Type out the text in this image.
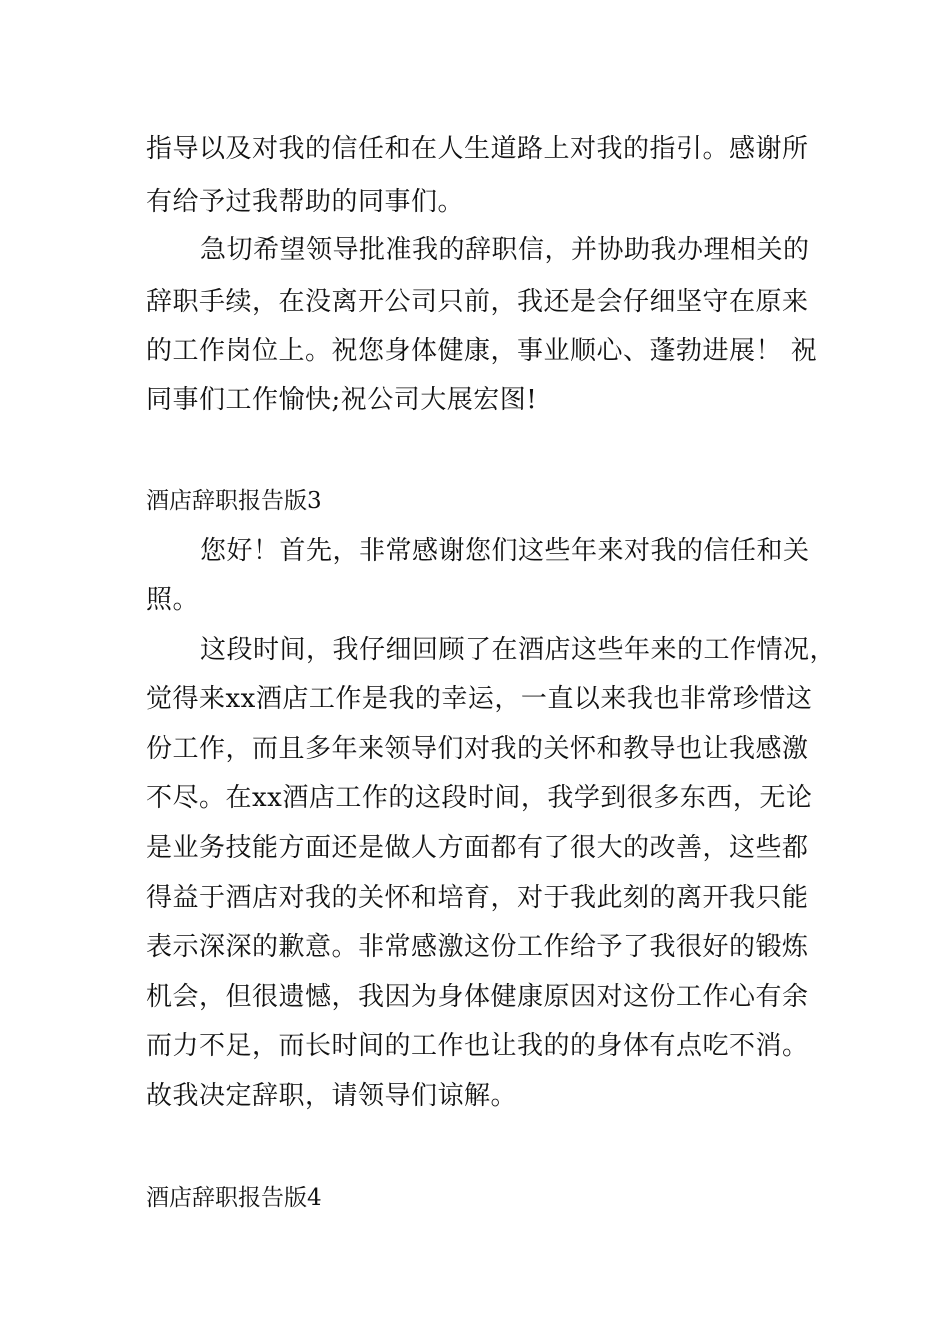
指导以及对我的信任和在人生道路上对我的指引。感谢所
有给予过我帮助的同事们。
急切希望领导批准我的辞职信，并协助我办理相关的
辞职手续，在没离开公司只前，我还是会仔细坚守在原来
的工作岗位上。祝您身体健康，事业顺心、蓬勃进展！ 祝
同事们工作愉快;祝公司大展宏图!
酒店辞职报告版3
您好！首先，非常感谢您们这些年来对我的信任和关
照。
这段时间，我仔细回顾了在酒店这些年来的工作情况，
觉得来xx酒店工作是我的幸运，一直以来我也非常珍惜这
份工作，而且多年来领导们对我的关怀和教导也让我感激
不尽。在xx酒店工作的这段时间，我学到很多东西，无论
是业务技能方面还是做人方面都有了很大的改善，这些都
得益于酒店对我的关怀和培育，对于我此刻的离开我只能
表示深深的歉意。非常感激这份工作给予了我很好的锻炼
机会，但很遗憾，我因为身体健康原因对这份工作心有余
而力不足，而长时间的工作也让我的的身体有点吃不消。
故我决定辞职，请领导们谅解。
酒店辞职报告版4
